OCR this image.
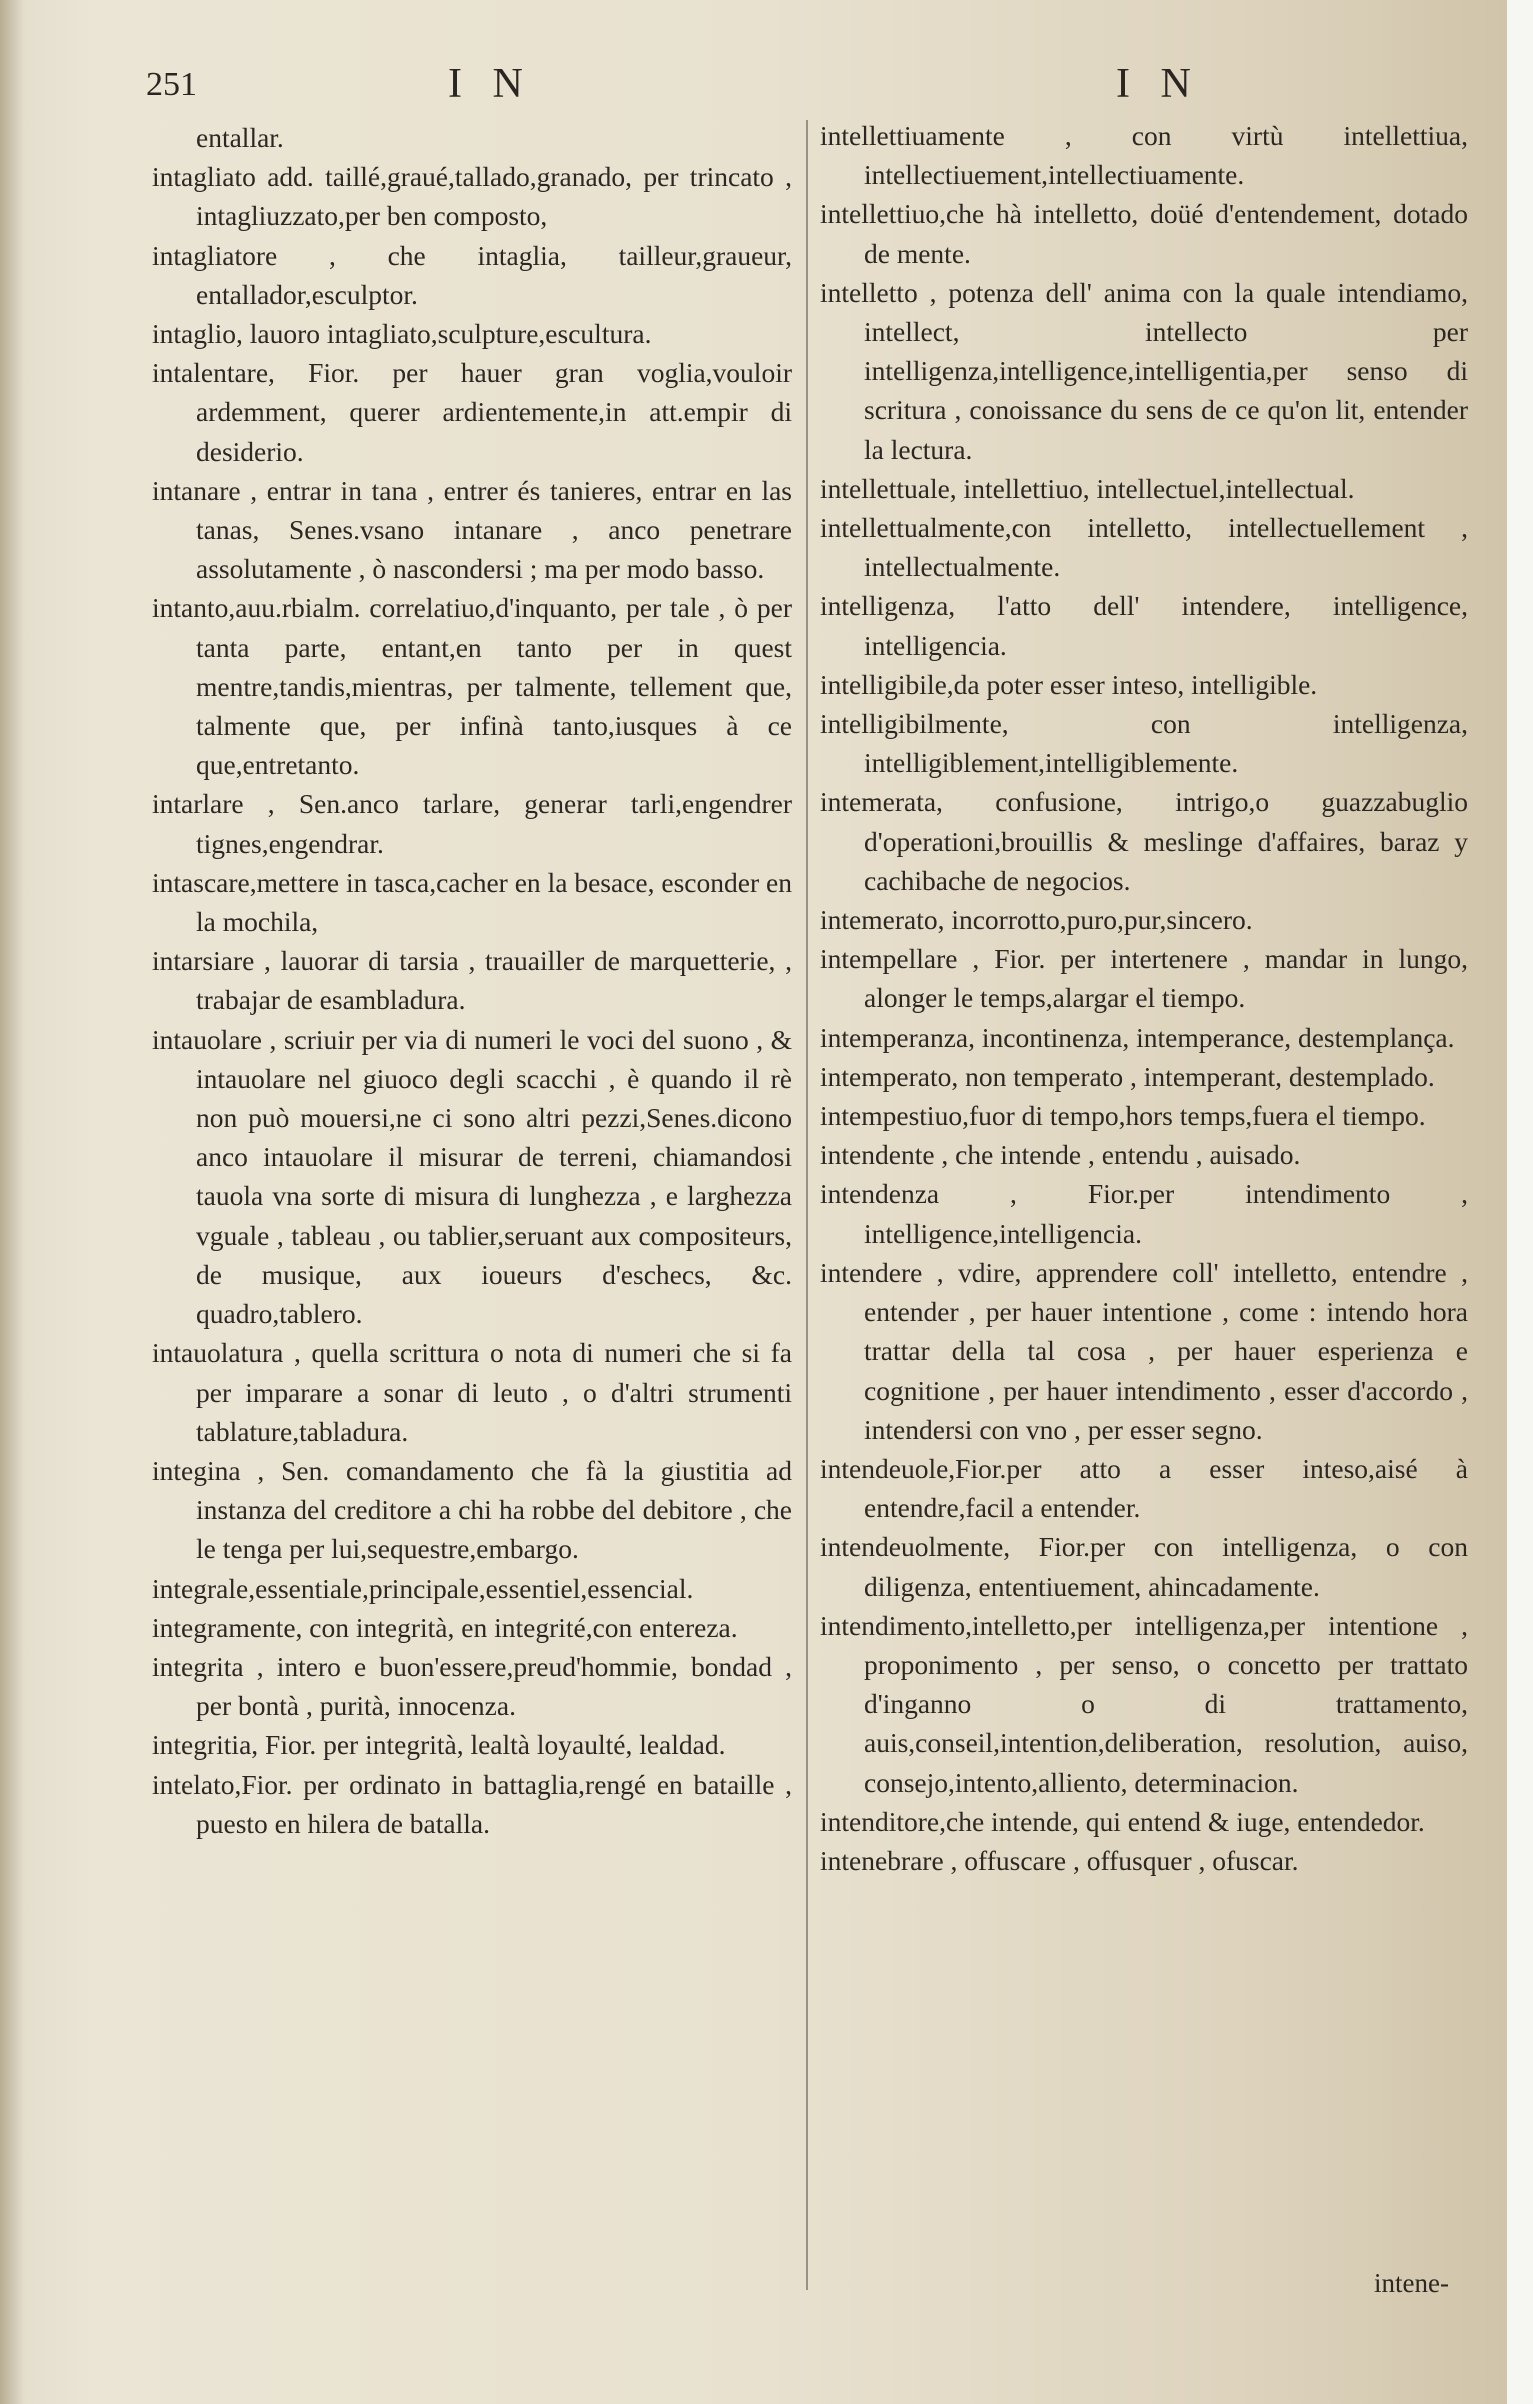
251	I N	I N

entallar.

intagliato add. taillé,graué,tallado,granado, per trincato , intagliuzzato,per ben composto,

intagliatore , che intaglia, tailleur,graueur, entallador,esculptor.

intaglio, lauoro intagliato,sculpture,escultura.

intalentare, Fior. per hauer gran voglia,vouloir ardemment, querer ardientemente,in att.empir di desiderio.

intanare , entrar in tana , entrer és tanieres, entrar en las tanas, Senes.vsano intanare , anco penetrare assolutamente , ò nascondersi ; ma per modo basso.

intanto,auu.rbialm. correlatiuo,d'inquanto, per tale , ò per tanta parte, entant,en tanto per in quest mentre,tandis,mientras, per talmente, tellement que, talmente que, per infinà tanto,iusques à ce que,entretanto.

intarlare , Sen.anco tarlare, generar tarli,engendrer tignes,engendrar.

intascare,mettere in tasca,cacher en la besace, esconder en la mochila,

intarsiare , lauorar di tarsia , trauailler de marquetterie, , trabajar de esambladura.

intauolare , scriuir per via di numeri le voci del suono , & intauolare nel giuoco degli scacchi , è quando il rè non può mouersi,ne ci sono altri pezzi,Senes.dicono anco intauolare il misurar de terreni, chiamandosi tauola vna sorte di misura di lunghezza , e larghezza vguale , tableau , ou tablier,seruant aux compositeurs, de musique, aux ioueurs d'eschecs, &c. quadro,tablero.

intauolatura , quella scrittura o nota di numeri che si fa per imparare a sonar di leuto , o d'altri strumenti tablature,tabladura.

integina , Sen. comandamento che fà la giustitia ad instanza del creditore a chi ha robbe del debitore , che le tenga per lui,sequestre,embargo.

integrale,essentiale,principale,essentiel,essencial.

integramente, con integrità, en integrité,con entereza.

integrita , intero e buon'essere,preud'hommie, bondad , per bontà , purità, innocenza.

integritia, Fior. per integrità, lealtà loyaulté, lealdad.

intelato,Fior. per ordinato in battaglia,rengé en bataille , puesto en hilera de batalla.

intellettiuamente , con virtù intellettiua, intellectiuement,intellectiuamente.

intellettiuo,che hà intelletto, doüé d'entendement, dotado de mente.

intelletto , potenza dell' anima con la quale intendiamo, intellect, intellecto per intelligenza,intelligence,intelligentia,per senso di scritura , conoissance du sens de ce qu'on lit, entender la lectura.

intellettuale, intellettiuo, intellectuel,intellectual.

intellettualmente,con intelletto, intellectuellement , intellectualmente.

intelligenza, l'atto dell' intendere, intelligence, intelligencia.

intelligibile,da poter esser inteso, intelligible.

intelligibilmente, con intelligenza, intelligiblement,intelligiblemente.

intemerata, confusione, intrigo,o guazzabuglio d'operationi,brouillis & meslinge d'affaires, baraz y cachibache de negocios.

intemerato, incorrotto,puro,pur,sincero.

intempellare , Fior. per intertenere , mandar in lungo, alonger le temps,alargar el tiempo.

intemperanza, incontinenza, intemperance, destemplança.

intemperato, non temperato , intemperant, destemplado.

intempestiuo,fuor di tempo,hors temps,fuera el tiempo.

intendente , che intende , entendu , auisado.

intendenza , Fior.per intendimento , intelligence,intelligencia.

intendere , vdire, apprendere coll' intelletto, entendre , entender , per hauer intentione , come : intendo hora trattar della tal cosa , per hauer esperienza e cognitione , per hauer intendimento , esser d'accordo , intendersi con vno , per esser segno.

intendeuole,Fior.per atto a esser inteso,aisé à entendre,facil a entender.

intendeuolmente, Fior.per con intelligenza, o con diligenza, ententiuement, ahincadamente.

intendimento,intelletto,per intelligenza,per intentione , proponimento , per senso, o concetto per trattato d'inganno o di trattamento, auis,conseil,intention,deliberation, resolution, auiso, consejo,intento,alliento, determinacion.

intenditore,che intende, qui entend & iuge, entendedor.

intenebrare , offuscare , offusquer , ofuscar.

intene-
